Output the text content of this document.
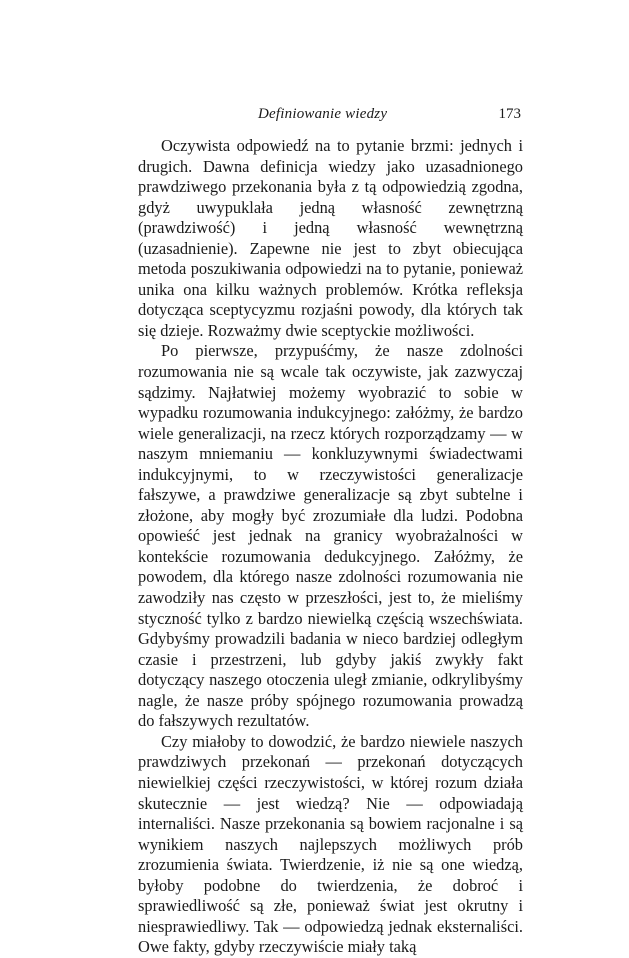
Definiowanie wiedzy	173

Oczywista odpowiedź na to pytanie brzmi: jednych i drugich. Dawna definicja wiedzy jako uzasadnionego prawdziwego przekonania była z tą odpowiedzią zgodna, gdyż uwypuklała jedną własność zewnętrzną (prawdziwość) i jedną własność wewnętrzną (uzasadnienie). Zapewne nie jest to zbyt obiecująca metoda poszukiwania odpowiedzi na to pytanie, ponieważ unika ona kilku ważnych problemów. Krótka refleksja dotycząca sceptycyzmu rozjaśni powody, dla których tak się dzieje. Rozważmy dwie sceptyckie możliwości.

Po pierwsze, przypuśćmy, że nasze zdolności rozumowania nie są wcale tak oczywiste, jak zazwyczaj sądzimy. Najłatwiej możemy wyobrazić to sobie w wypadku rozumowania indukcyjnego: załóżmy, że bardzo wiele generalizacji, na rzecz których rozporządzamy — w naszym mniemaniu — konkluzywnymi świadectwami indukcyjnymi, to w rzeczywistości generalizacje fałszywe, a prawdziwe generalizacje są zbyt subtelne i złożone, aby mogły być zrozumiałe dla ludzi. Podobna opowieść jest jednak na granicy wyobrażalności w kontekście rozumowania dedukcyjnego. Załóżmy, że powodem, dla którego nasze zdolności rozumowania nie zawodziły nas często w przeszłości, jest to, że mieliśmy styczność tylko z bardzo niewielką częścią wszechświata. Gdybyśmy prowadzili badania w nieco bardziej odległym czasie i przestrzeni, lub gdyby jakiś zwykły fakt dotyczący naszego otoczenia uległ zmianie, odkrylibyśmy nagle, że nasze próby spójnego rozumowania prowadzą do fałszywych rezultatów.

Czy miałoby to dowodzić, że bardzo niewiele naszych prawdziwych przekonań — przekonań dotyczących niewielkiej części rzeczywistości, w której rozum działa skutecznie — jest wiedzą? Nie — odpowiadają internaliści. Nasze przekonania są bowiem racjonalne i są wynikiem naszych najlepszych możliwych prób zrozumienia świata. Twierdzenie, iż nie są one wiedzą, byłoby podobne do twierdzenia, że dobroć i sprawiedliwość są złe, ponieważ świat jest okrutny i niesprawiedliwy. Tak — odpowiedzą jednak eksternaliści. Owe fakty, gdyby rzeczywiście miały taką
